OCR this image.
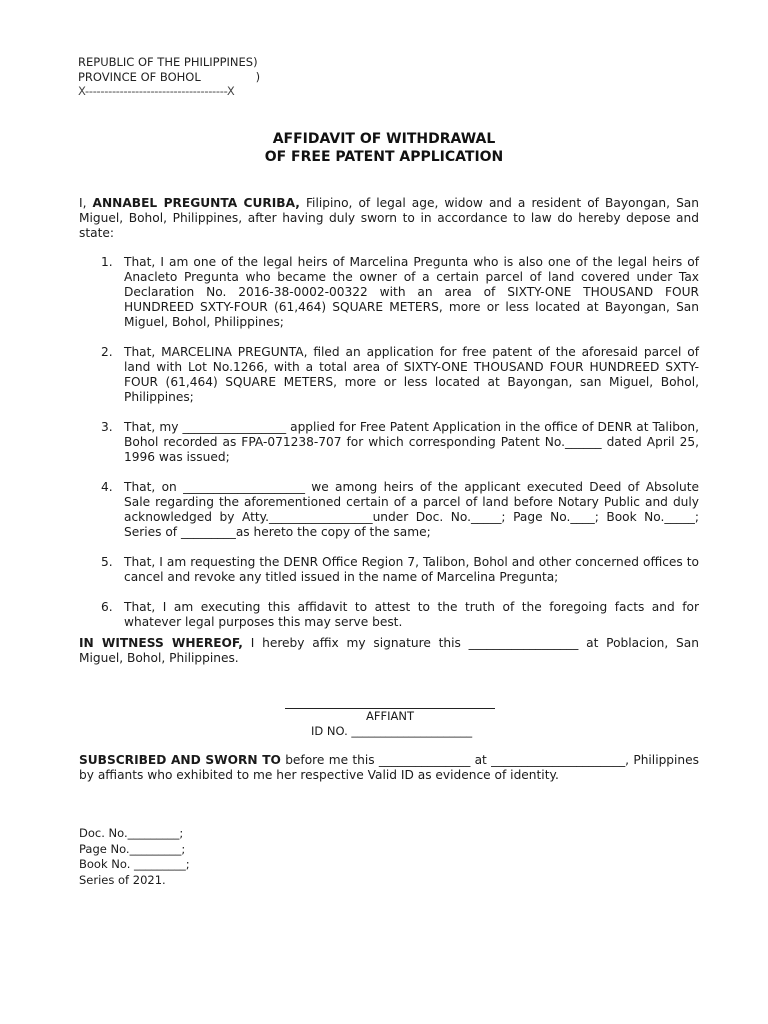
REPUBLIC OF THE PHILIPPINES)
PROVINCE OF BOHOL               )
X-------------------------------------X
AFFIDAVIT OF WITHDRAWAL
OF FREE PATENT APPLICATION
I, ANNABEL PREGUNTA CURIBA, Filipino, of legal age, widow and a resident of Bayongan, San Miguel, Bohol, Philippines, after having duly sworn to in accordance to law do hereby depose and state:
1. That, I am one of the legal heirs of Marcelina Pregunta who is also one of the legal heirs of Anacleto Pregunta who became the owner of a certain parcel of land covered under Tax Declaration No. 2016-38-0002-00322 with an area of SIXTY-ONE THOUSAND FOUR HUNDREED SXTY-FOUR (61,464) SQUARE METERS, more or less located at Bayongan, San Miguel, Bohol, Philippines;
2. That, MARCELINA PREGUNTA, filed an application for free patent of the aforesaid parcel of land with Lot No.1266, with a total area of SIXTY-ONE THOUSAND FOUR HUNDREED SXTY-FOUR (61,464) SQUARE METERS, more or less located at Bayongan, san Miguel, Bohol, Philippines;
3. That, my _________________ applied for Free Patent Application in the office of DENR at Talibon, Bohol recorded as FPA-071238-707 for which corresponding Patent No.______ dated April 25, 1996 was issued;
4. That, on ____________________ we among heirs of the applicant executed Deed of Absolute Sale regarding the aforementioned certain of a parcel of land before Notary Public and duly acknowledged by Atty._________________under Doc. No._____; Page No.____; Book No._____; Series of _________as hereto the copy of the same;
5. That, I am requesting the DENR Office Region 7, Talibon, Bohol and other concerned offices to cancel and revoke any titled issued in the name of Marcelina Pregunta;
6. That, I am executing this affidavit to attest to the truth of the foregoing facts and for whatever legal purposes this may serve best.
IN WITNESS WHEREOF, I hereby affix my signature this __________________ at Poblacion, San Miguel, Bohol, Philippines.
AFFIANT
ID NO. _____________________
SUBSCRIBED AND SWORN TO before me this _______________ at ______________________, Philippines by affiants who exhibited to me her respective Valid ID as evidence of identity.
Doc. No._________;
Page No._________;
Book No. _________;
Series of 2021.
